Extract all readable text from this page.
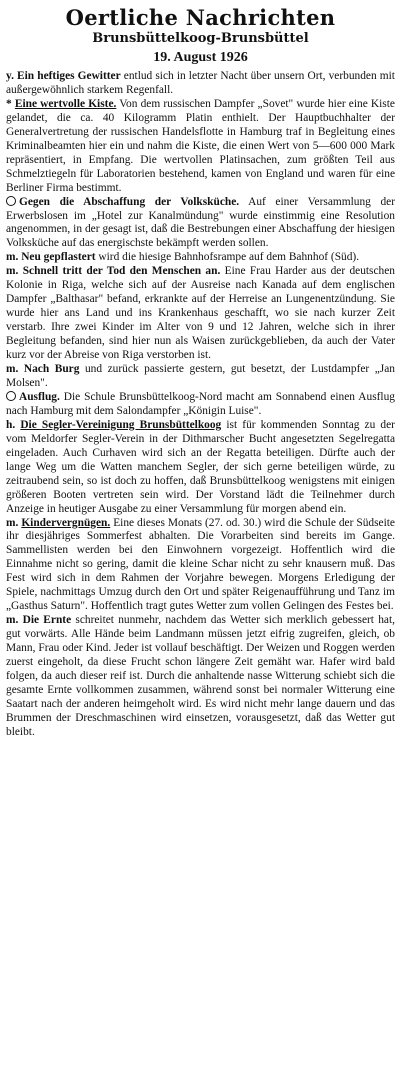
Oertliche Nachrichten
Brunsbüttelkoog-Brunsbüttel
19. August 1926

y. Ein heftiges Gewitter entlud sich in letzter Nacht über unsern Ort, verbunden mit außergewöhnlich starkem Regenfall.

* Eine wertvolle Kiste. Von dem russischen Dampfer „Sovet" wurde hier eine Kiste gelandet, die ca. 40 Kilogramm Platin enthielt. Der Hauptbuchhalter der Generalvertretung der russischen Handelsflotte in Hamburg traf in Begleitung eines Kriminalbeamten hier ein und nahm die Kiste, die einen Wert von 5—600 000 Mark repräsentiert, in Empfang. Die wertvollen Platinsachen, zum größten Teil aus Schmelztiegeln für Laboratorien bestehend, kamen von England und waren für eine Berliner Firma bestimmt.

Gegen die Abschaffung der Volksküche. Auf einer Versammlung der Erwerbslosen im „Hotel zur Kanalmündung" wurde einstimmig eine Resolution angenommen, in der gesagt ist, daß die Bestrebungen einer Abschaffung der hiesigen Volksküche auf das energischste bekämpft werden sollen.

m. Neu gepflastert wird die hiesige Bahnhofsrampe auf dem Bahnhof (Süd).

m. Schnell tritt der Tod den Menschen an. Eine Frau Harder aus der deutschen Kolonie in Riga, welche sich auf der Ausreise nach Kanada auf dem englischen Dampfer „Balthasar" befand, erkrankte auf der Herreise an Lungenentzündung. Sie wurde hier ans Land und ins Krankenhaus geschafft, wo sie nach kurzer Zeit verstarb. Ihre zwei Kinder im Alter von 9 und 12 Jahren, welche sich in ihrer Begleitung befanden, sind hier nun als Waisen zurückgeblieben, da auch der Vater kurz vor der Abreise von Riga verstorben ist.

m. Nach Burg und zurück passierte gestern, gut besetzt, der Lustdampfer „Jan Molsen".

Ausflug. Die Schule Brunsbüttelkoog-Nord macht am Sonnabend einen Ausflug nach Hamburg mit dem Salondampfer „Königin Luise".

h. Die Segler-Vereinigung Brunsbüttelkoog ist für kommenden Sonntag zu der vom Meldorfer Segler-Verein in der Dithmarscher Bucht angesetzten Segelregatta eingeladen. Auch Curhaven wird sich an der Regatta beteiligen. Dürfte auch der lange Weg um die Watten manchem Segler, der sich gerne beteiligen würde, zu zeitraubend sein, so ist doch zu hoffen, daß Brunsbüttelkoog wenigstens mit einigen größeren Booten vertreten sein wird. Der Vorstand lädt die Teilnehmer durch Anzeige in heutiger Ausgabe zu einer Versammlung für morgen abend ein.

m. Kindervergnügen. Eine dieses Monats (27. od. 30.) wird die Schule der Südseite ihr diesjähriges Sommerfest abhalten. Die Vorarbeiten sind bereits im Gange. Sammellisten werden bei den Einwohnern vorgezeigt. Hoffentlich wird die Einnahme nicht so gering, damit die kleine Schar nicht zu sehr knausern muß. Das Fest wird sich in dem Rahmen der Vorjahre bewegen. Morgens Erledigung der Spiele, nachmittags Umzug durch den Ort und später Reigenaufführung und Tanz im „Gasthus Saturn". Hoffentlich tragt gutes Wetter zum vollen Gelingen des Festes bei.

m. Die Ernte schreitet nunmehr, nachdem das Wetter sich merklich gebessert hat, gut vorwärts. Alle Hände beim Landmann müssen jetzt eifrig zugreifen, gleich, ob Mann, Frau oder Kind. Jeder ist vollauf beschäftigt. Der Weizen und Roggen werden zuerst eingeholt, da diese Frucht schon längere Zeit gemäht war. Hafer wird bald folgen, da auch dieser reif ist. Durch die anhaltende nasse Witterung schiebt sich die gesamte Ernte vollkommen zusammen, während sonst bei normaler Witterung eine Saatart nach der anderen heimgeholt wird. Es wird nicht mehr lange dauern und das Brummen der Dreschmaschinen wird einsetzen, vorausgesetzt, daß das Wetter gut bleibt.
